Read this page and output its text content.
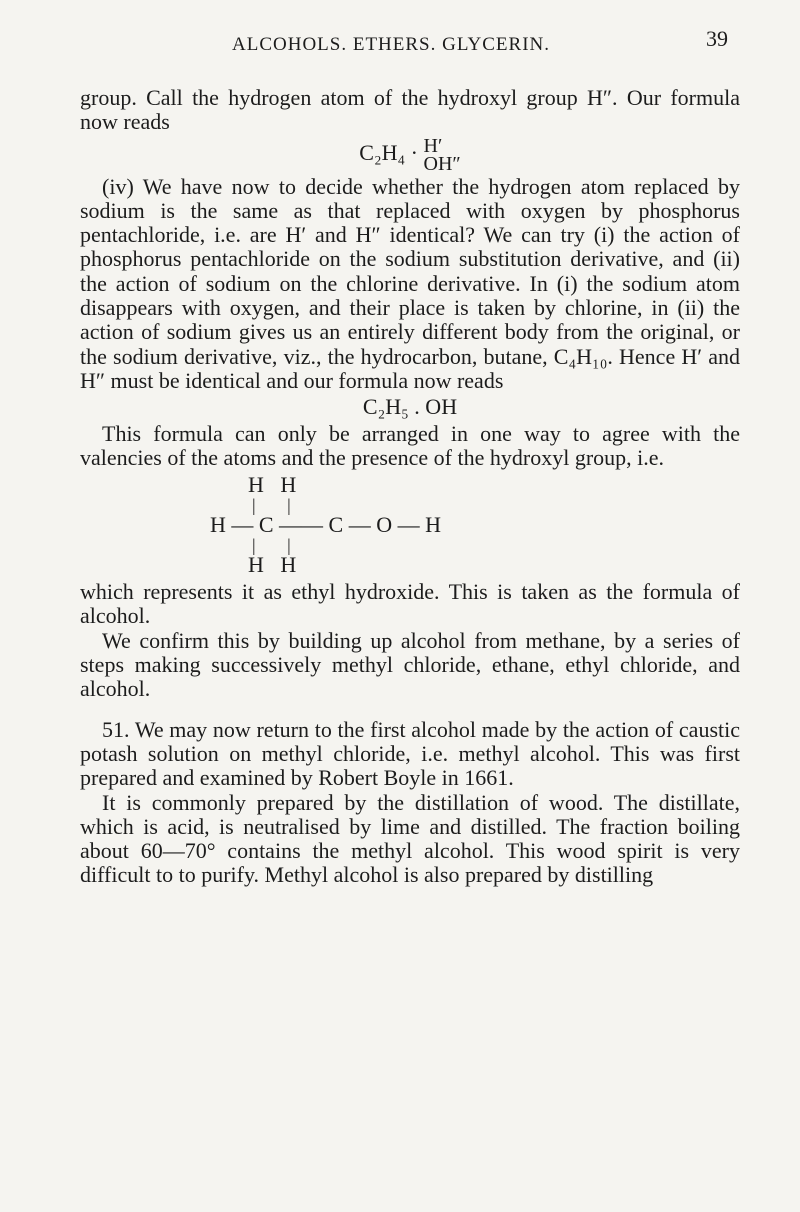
ALCOHOLS. ETHERS. GLYCERIN.	39

group. Call the hydrogen atom of the hydroxyl group H″. Our formula now reads

C₂H₄ · H′
OH″

(iv) We have now to decide whether the hydrogen atom replaced by sodium is the same as that replaced with oxygen by phosphorus pentachloride, i.e. are H′ and H″ identical? We can try (i) the action of phosphorus pentachloride on the sodium substitution derivative, and (ii) the action of sodium on the chlorine derivative. In (i) the sodium atom disappears with oxygen, and their place is taken by chlorine, in (ii) the action of sodium gives us an entirely different body from the original, or the sodium derivative, viz., the hydrocarbon, butane, C₄H₁₀. Hence H′ and H″ must be identical and our formula now reads

C₂H₅ . OH

This formula can only be arranged in one way to agree with the valencies of the atoms and the presence of the hydroxyl group, i.e.

H   H
|       |
H — C —— C — O — H
|       |
H   H

which represents it as ethyl hydroxide. This is taken as the formula of alcohol.

We confirm this by building up alcohol from methane, by a series of steps making successively methyl chloride, ethane, ethyl chloride, and alcohol.

51. We may now return to the first alcohol made by the action of caustic potash solution on methyl chloride, i.e. methyl alcohol. This was first prepared and examined by Robert Boyle in 1661.

It is commonly prepared by the distillation of wood. The distillate, which is acid, is neutralised by lime and distilled. The fraction boiling about 60—70° contains the methyl alcohol. This wood spirit is very difficult to to purify. Methyl alcohol is also prepared by distilling
